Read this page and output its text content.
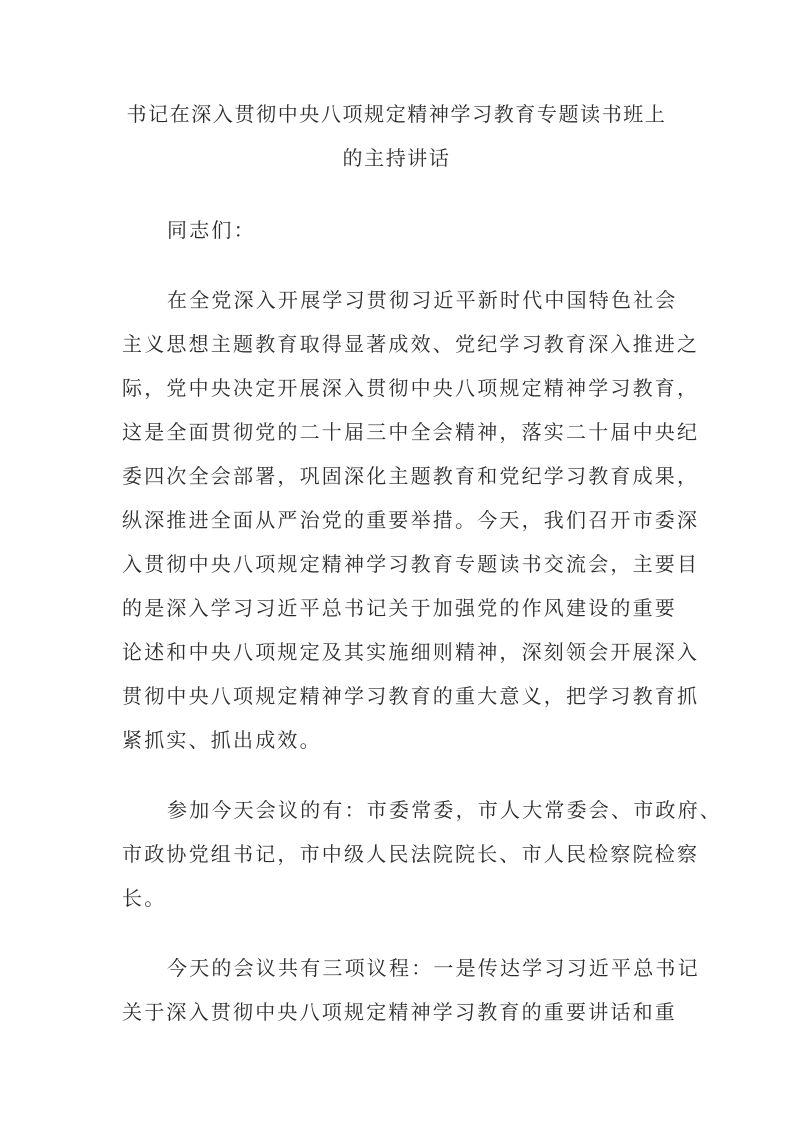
书记在深入贯彻中央八项规定精神学习教育专题读书班上
的主持讲话
同志们：
在全党深入开展学习贯彻习近平新时代中国特色社会
主义思想主题教育取得显著成效、党纪学习教育深入推进之
际，党中央决定开展深入贯彻中央八项规定精神学习教育，
这是全面贯彻党的二十届三中全会精神，落实二十届中央纪
委四次全会部署，巩固深化主题教育和党纪学习教育成果，
纵深推进全面从严治党的重要举措。今天，我们召开市委深
入贯彻中央八项规定精神学习教育专题读书交流会，主要目
的是深入学习习近平总书记关于加强党的作风建设的重要
论述和中央八项规定及其实施细则精神，深刻领会开展深入
贯彻中央八项规定精神学习教育的重大意义，把学习教育抓
紧抓实、抓出成效。
参加今天会议的有：市委常委，市人大常委会、市政府、
市政协党组书记，市中级人民法院院长、市人民检察院检察
长。
今天的会议共有三项议程：一是传达学习习近平总书记
关于深入贯彻中央八项规定精神学习教育的重要讲话和重
